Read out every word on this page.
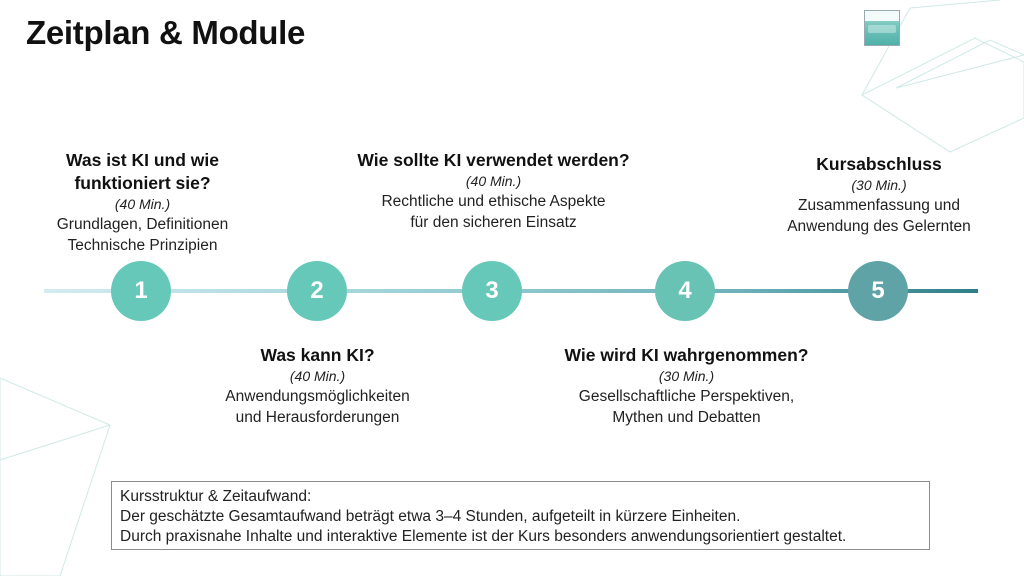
Zeitplan & Module
1	2	3	4	5
Was ist KI und wie funktioniert sie?
(40 Min.)
Grundlagen, Definitionen
Technische Prinzipien
Was kann KI?
(40 Min.)
Anwendungsmöglichkeiten
und Herausforderungen
Wie sollte KI verwendet werden?
(40 Min.)
Rechtliche und ethische Aspekte
für den sicheren Einsatz
Wie wird KI wahrgenommen?
(30 Min.)
Gesellschaftliche Perspektiven,
Mythen und Debatten
Kursabschluss
(30 Min.)
Zusammenfassung und
Anwendung des Gelernten
Kursstruktur & Zeitaufwand:
Der geschätzte Gesamtaufwand beträgt etwa 3–4 Stunden, aufgeteilt in kürzere Einheiten.
Durch praxisnahe Inhalte und interaktive Elemente ist der Kurs besonders anwendungsorientiert gestaltet.
